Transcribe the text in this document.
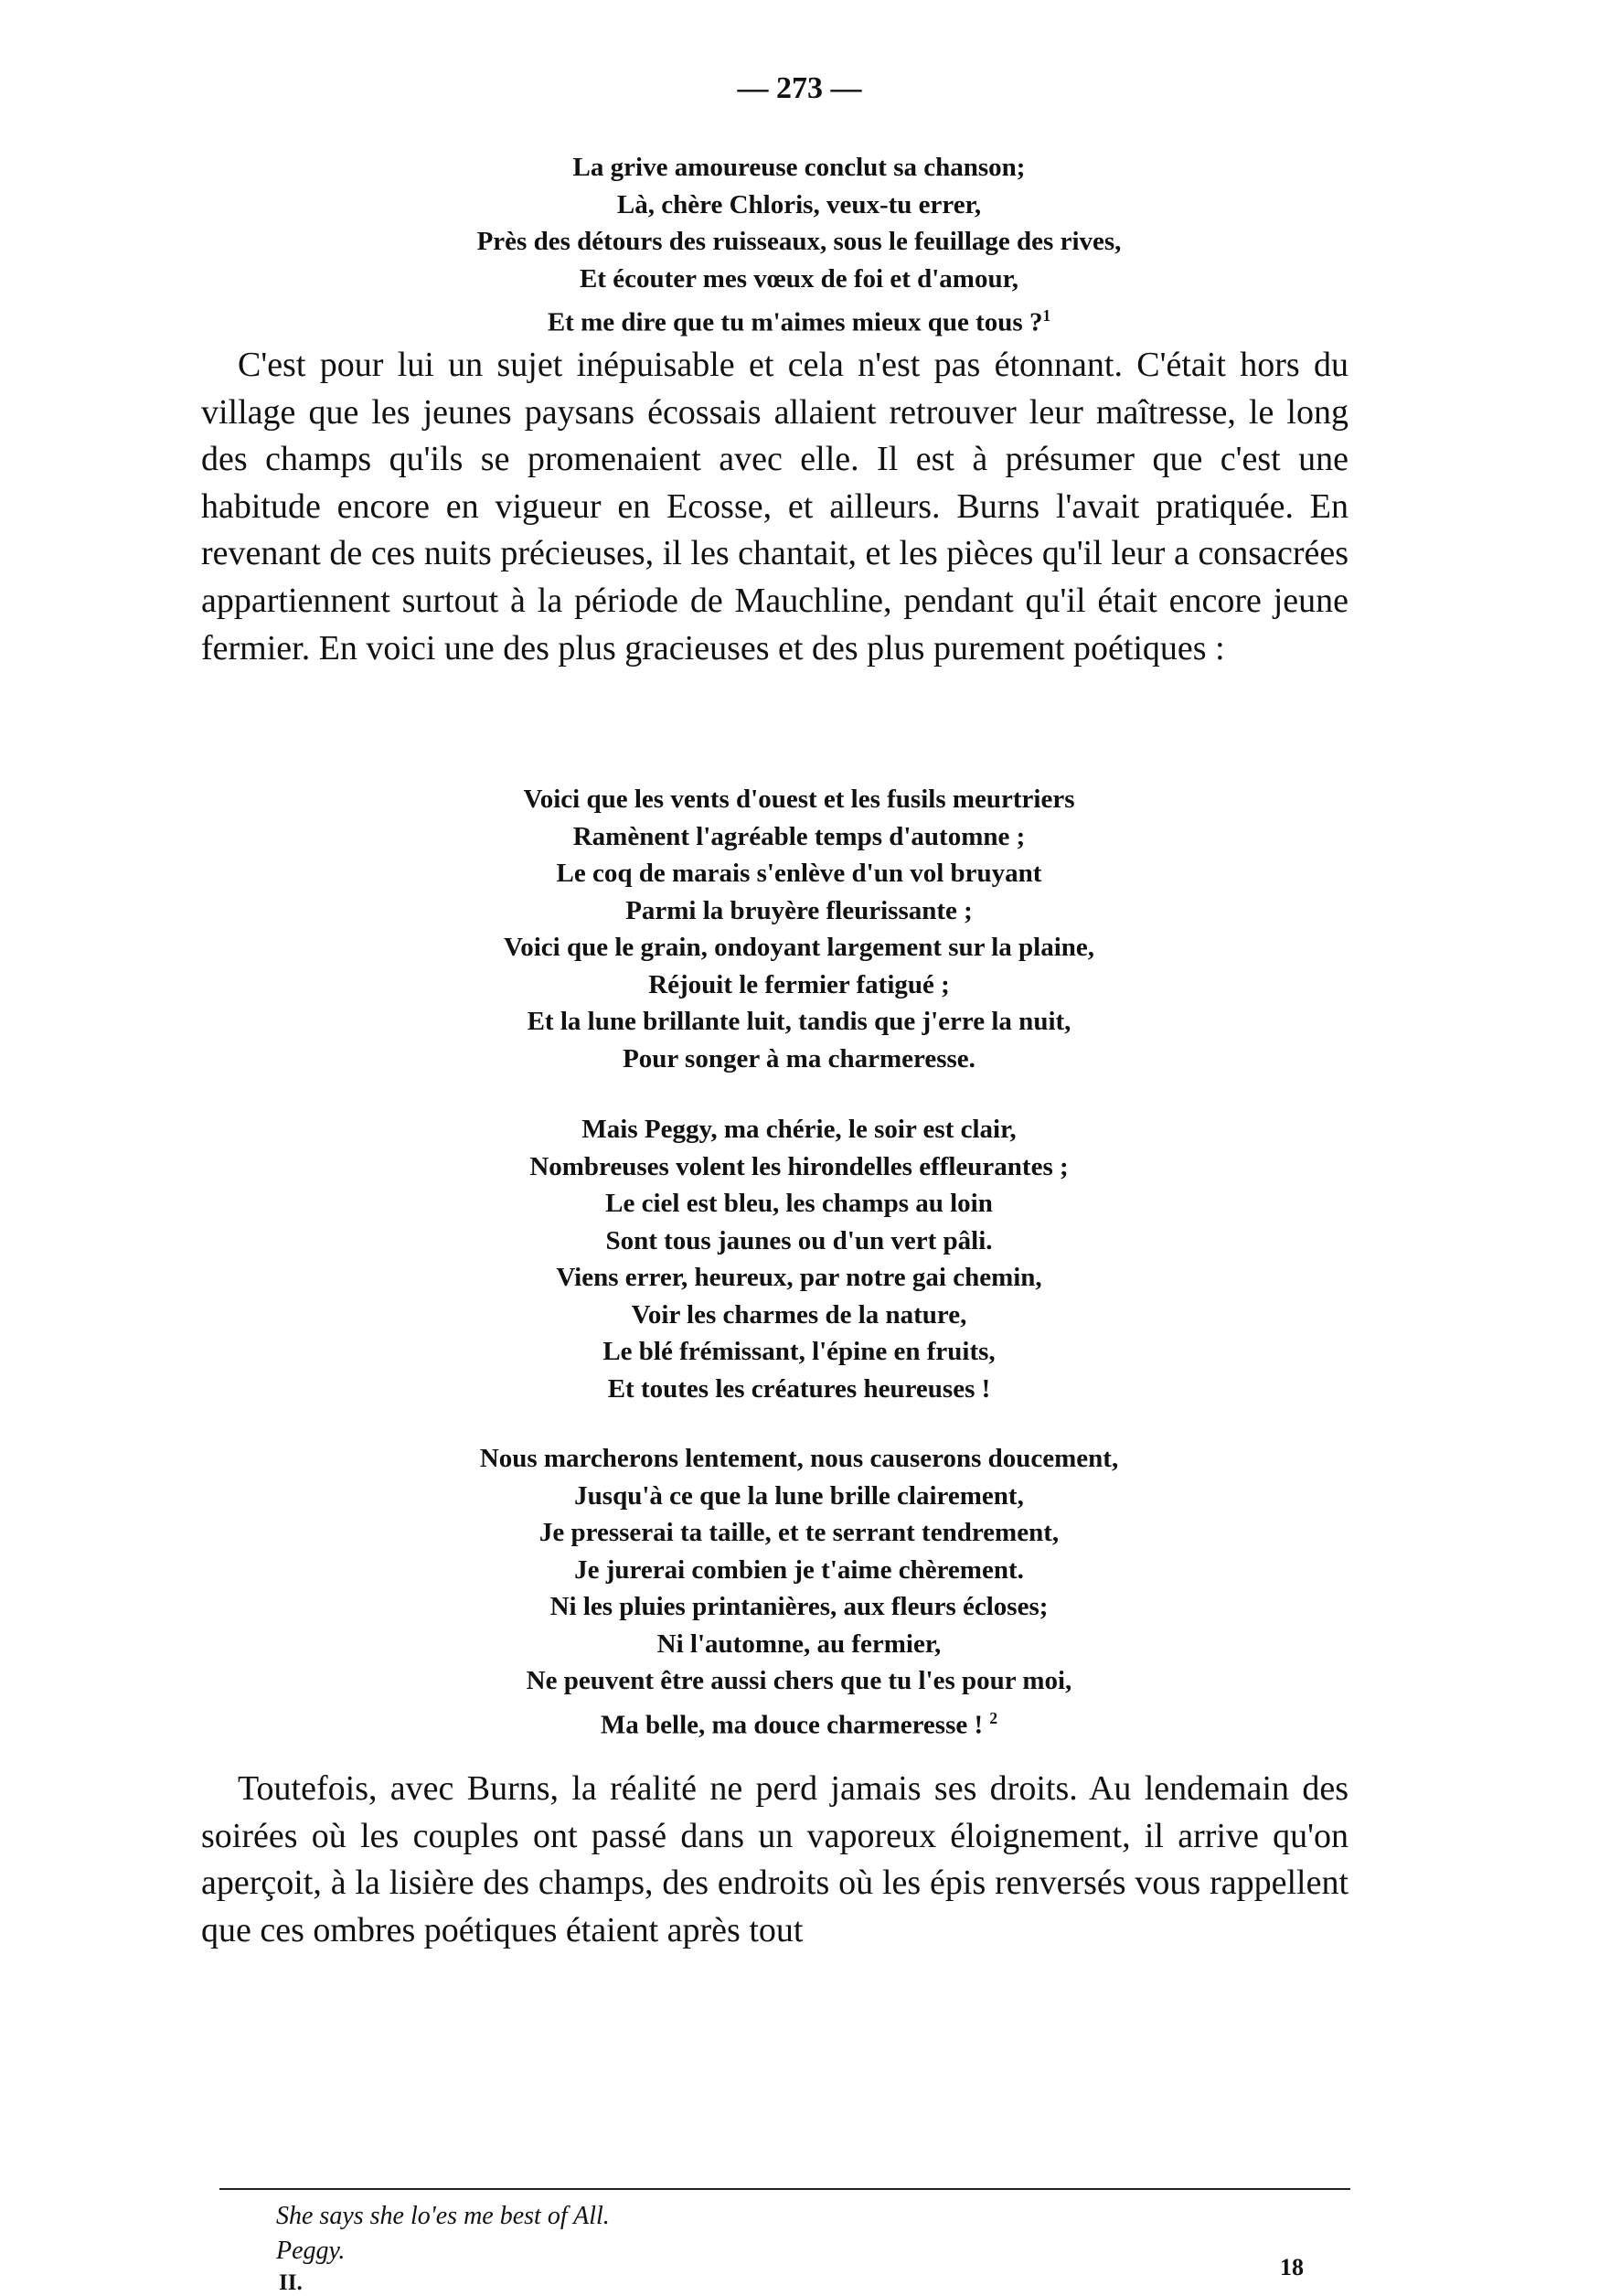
— 273 —
La grive amoureuse conclut sa chanson;
Là, chère Chloris, veux-tu errer,
Près des détours des ruisseaux, sous le feuillage des rives,
Et écouter mes vœux de foi et d'amour,
Et me dire que tu m'aimes mieux que tous ?$^1$

C'est pour lui un sujet inépuisable et cela n'est pas étonnant. C'était hors du village que les jeunes paysans écossais allaient retrouver leur maîtresse, le long des champs qu'ils se promenaient avec elle. Il est à présumer que c'est une habitude encore en vigueur en Ecosse, et ailleurs. Burns l'avait pratiquée. En revenant de ces nuits précieuses, il les chantait, et les pièces qu'il leur a consacrées appartiennent surtout à la période de Mauchline, pendant qu'il était encore jeune fermier. En voici une des plus gracieuses et des plus purement poétiques :

Voici que les vents d'ouest et les fusils meurtriers
Ramènent l'agréable temps d'automne ;
Le coq de marais s'enlève d'un vol bruyant
Parmi la bruyère fleurissante ;
Voici que le grain, ondoyant largement sur la plaine,
Réjouit le fermier fatigué ;
Et la lune brillante luit, tandis que j'erre la nuit,
Pour songer à ma charmeresse.
Mais Peggy, ma chérie, le soir est clair,
Nombreuses volent les hirondelles effleurantes ;
Le ciel est bleu, les champs au loin
Sont tous jaunes ou d'un vert pâli.
Viens errer, heureux, par notre gai chemin,
Voir les charmes de la nature,
Le blé frémissant, l'épine en fruits,
Et toutes les créatures heureuses !
Nous marcherons lentement, nous causerons doucement,
Jusqu'à ce que la lune brille clairement,
Je presserai ta taille, et te serrant tendrement,
Je jurerai combien je t'aime chèrement.
Ni les pluies printanières, aux fleurs écloses;
Ni l'automne, au fermier,
Ne peuvent être aussi chers que tu l'es pour moi,
Ma belle, ma douce charmeresse ! $^2$

Toutefois, avec Burns, la réalité ne perd jamais ses droits. Au lendemain des soirées où les couples ont passé dans un vaporeux éloignement, il arrive qu'on aperçoit, à la lisière des champs, des endroits où les épis renversés vous rappellent que ces ombres poétiques étaient après tout

She says she lo'es me best of All.
Peggy.
II.
18
